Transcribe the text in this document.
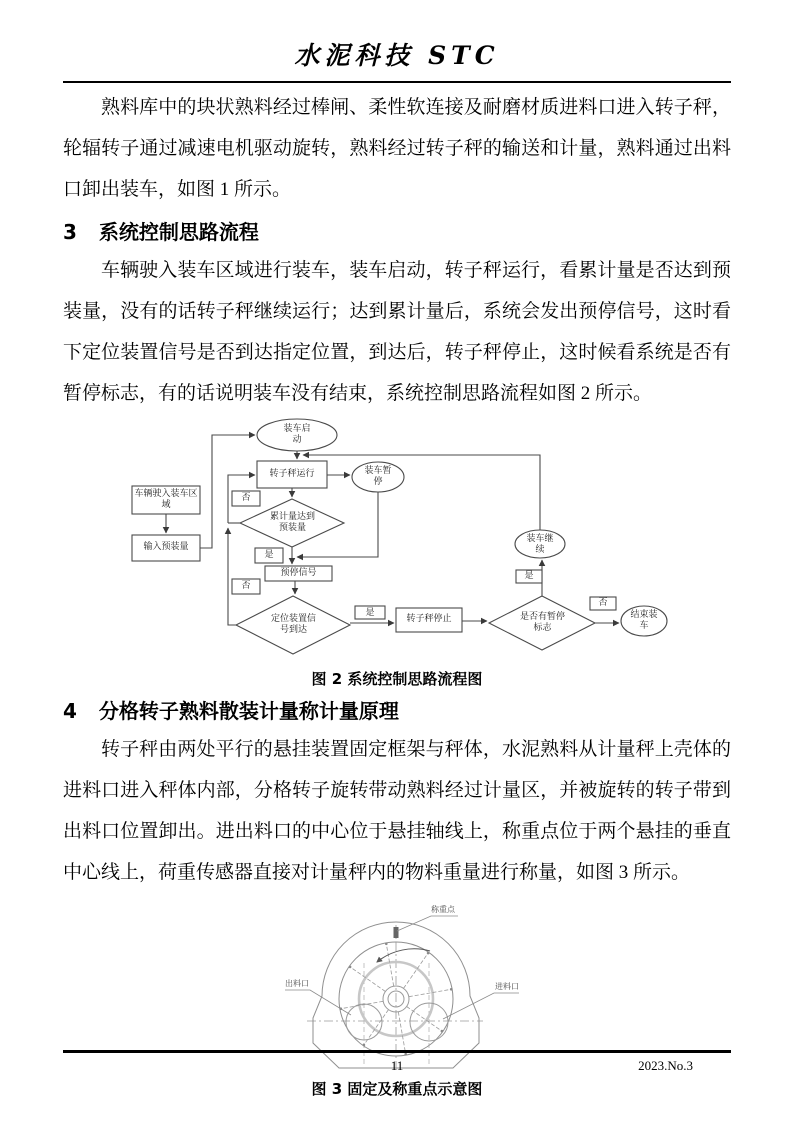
水泥科技 STC

熟料库中的块状熟料经过棒闸、柔性软连接及耐磨材质进料口进入转子秤，轮辐转子通过减速电机驱动旋转，熟料经过转子秤的输送和计量，熟料通过出料口卸出装车，如图 1 所示。

3 系统控制思路流程

车辆驶入装车区域进行装车，装车启动，转子秤运行，看累计量是否达到预装量，没有的话转子秤继续运行；达到累计量后，系统会发出预停信号，这时看下定位装置信号是否到达指定位置，到达后，转子秤停止，这时候看系统是否有暂停标志，有的话说明装车没有结束，系统控制思路流程如图 2 所示。

装车启动
转子秤运行	装车暂停
车辆驶入装车区域
输入预装量
累计量达到预装量
预停信号
定位装置信号到达
转子秤停止	是否有暂停标志
装车继续
结束装车
否
是
否
是
是
否
图 2 系统控制思路流程图
4 分格转子熟料散装计量称计量原理

转子秤由两处平行的悬挂装置固定框架与秤体，水泥熟料从计量秤上壳体的进料口进入秤体内部，分格转子旋转带动熟料经过计量区，并被旋转的转子带到出料口位置卸出。进出料口的中心位于悬挂轴线上，称重点位于两个悬挂的垂直中心线上，荷重传感器直接对计量秤内的物料重量进行称量，如图 3 所示。

称重点
出料口	进料口
图 3 固定及称重点示意图
11	2023.No.3
